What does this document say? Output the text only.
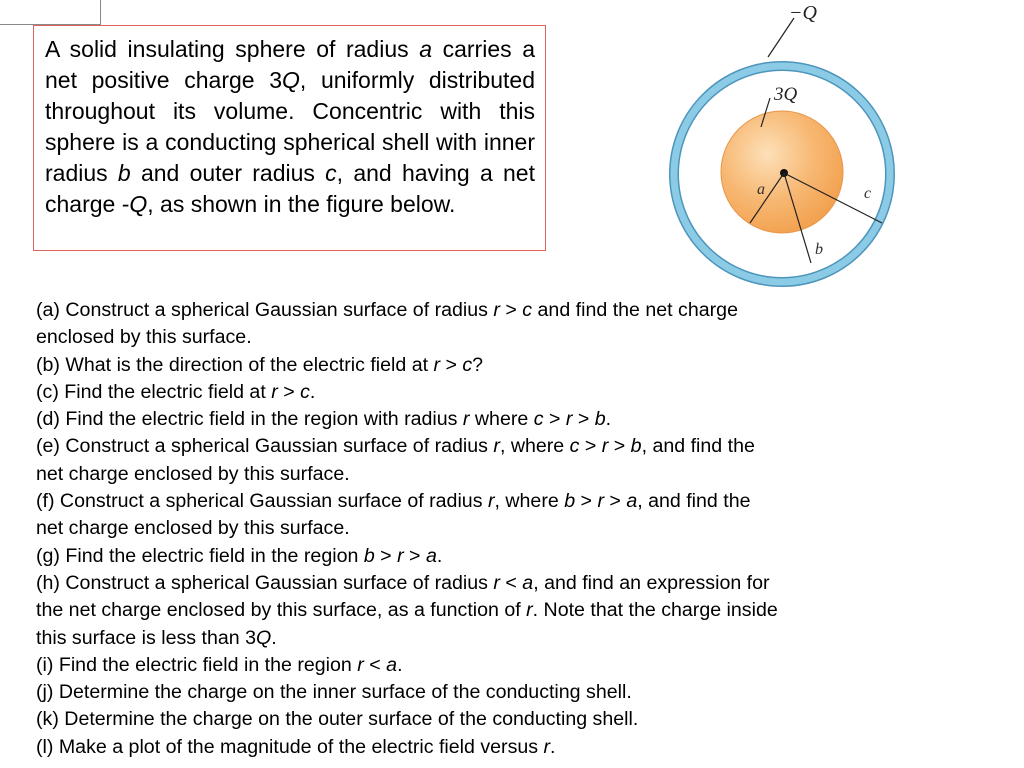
A solid insulating sphere of radius a carries a net positive charge 3Q, uniformly distributed throughout its volume. Concentric with this sphere is a conducting spherical shell with inner radius b and outer radius c, and having a net charge -Q, as shown in the figure below.

−Q
3Q
a
b
c
(a) Construct a spherical Gaussian surface of radius r > c and find the net charge
enclosed by this surface.
(b) What is the direction of the electric field at r > c?
(c) Find the electric field at r > c.
(d) Find the electric field in the region with radius r where c > r > b.
(e) Construct a spherical Gaussian surface of radius r, where c > r > b, and find the
net charge enclosed by this surface.
(f) Construct a spherical Gaussian surface of radius r, where b > r > a, and find the
net charge enclosed by this surface.
(g) Find the electric field in the region b > r > a.
(h) Construct a spherical Gaussian surface of radius r < a, and find an expression for
the net charge enclosed by this surface, as a function of r. Note that the charge inside
this surface is less than 3Q.
(i) Find the electric field in the region r < a.
(j) Determine the charge on the inner surface of the conducting shell.
(k) Determine the charge on the outer surface of the conducting shell.
(l) Make a plot of the magnitude of the electric field versus r.
